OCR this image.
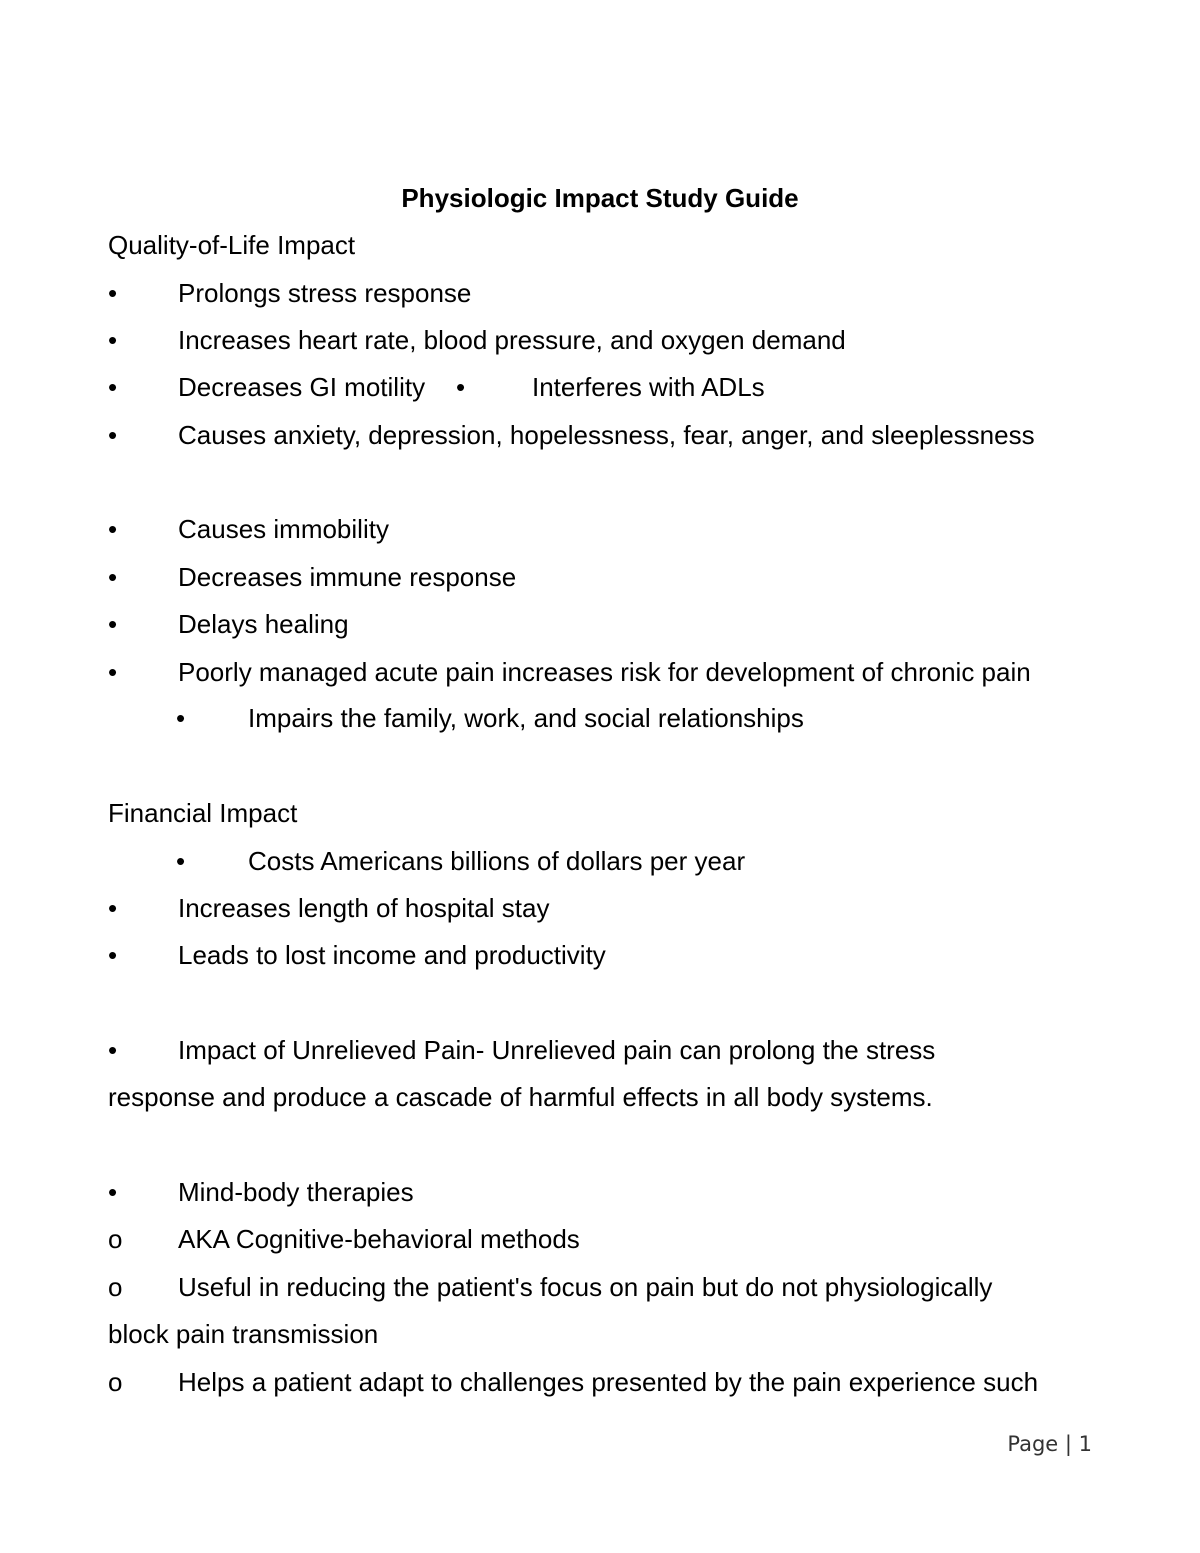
Physiologic Impact Study Guide
Quality-of-Life Impact
• Prolongs stress response
• Increases heart rate, blood pressure, and oxygen demand
• Decreases GI motility •	Interferes with ADLs
• Causes anxiety, depression, hopelessness, fear, anger, and sleeplessness
• Causes immobility
• Decreases immune response
• Delays healing
• Poorly managed acute pain increases risk for development of chronic pain
• Impairs the family, work, and social relationships
Financial Impact
• Costs Americans billions of dollars per year
• Increases length of hospital stay
• Leads to lost income and productivity
• Impact of Unrelieved Pain- Unrelieved pain can prolong the stress
response and produce a cascade of harmful effects in all body systems.
• Mind-body therapies
o AKA Cognitive-behavioral methods
o Useful in reducing the patient's focus on pain but do not physiologically
block pain transmission
o Helps a patient adapt to challenges presented by the pain experience such
Page | 1
